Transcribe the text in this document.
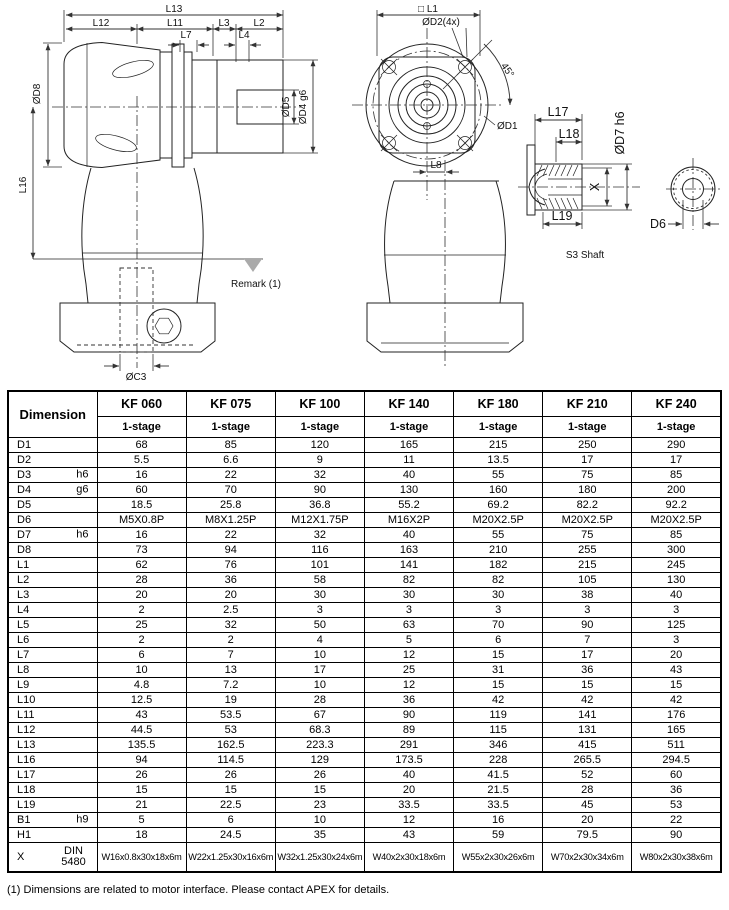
L13
L12	L11	L3 L2
L7	L4
ØD8
L16
Remark (1)
ØD5 ØD4 g6
ØC3
□ L1
ØD2(4x)
45°
ØD1
L8
L17
L18
X
ØD7 h6
L19
S3 Shaft
D6
Dimension	KF 060	KF 075	KF 100	KF 140	KF 180	KF 210	KF 240
	1-stage	1-stage	1-stage	1-stage	1-stage	1-stage	1-stage
D1	68	85	120	165	215	250	290
D2	5.5	6.6	9	11	13.5	17	17
D3 h6	16	22	32	40	55	75	85
D4 g6	60	70	90	130	160	180	200
D5	18.5	25.8	36.8	55.2	69.2	82.2	92.2
D6	M5X0.8P	M8X1.25P	M12X1.75P	M16X2P	M20X2.5P	M20X2.5P	M20X2.5P
D7 h6	16	22	32	40	55	75	85
D8	73	94	116	163	210	255	300
L1	62	76	101	141	182	215	245
L2	28	36	58	82	82	105	130
L3	20	20	30	30	30	38	40
L4	2	2.5	3	3	3	3	3
L5	25	32	50	63	70	90	125
L6	2	2	4	5	6	7	3
L7	6	7	10	12	15	17	20
L8	10	13	17	25	31	36	43
L9	4.8	7.2	10	12	15	15	15
L10	12.5	19	28	36	42	42	42
L11	43	53.5	67	90	119	141	176
L12	44.5	53	68.3	89	115	131	165
L13	135.5	162.5	223.3	291	346	415	511
L16	94	114.5	129	173.5	228	265.5	294.5
L17	26	26	26	40	41.5	52	60
L18	15	15	15	20	21.5	28	36
L19	21	22.5	23	33.5	33.5	45	53
B1 h9	5	6	10	12	16	20	22
H1	18	24.5	35	43	59	79.5	90
X DIN 5480	W16x0.8x30x18x6m	W22x1.25x30x16x6m	W32x1.25x30x24x6m	W40x2x30x18x6m	W55x2x30x26x6m	W70x2x30x34x6m	W80x2x30x38x6m
(1) Dimensions are related to motor interface. Please contact APEX for details.
